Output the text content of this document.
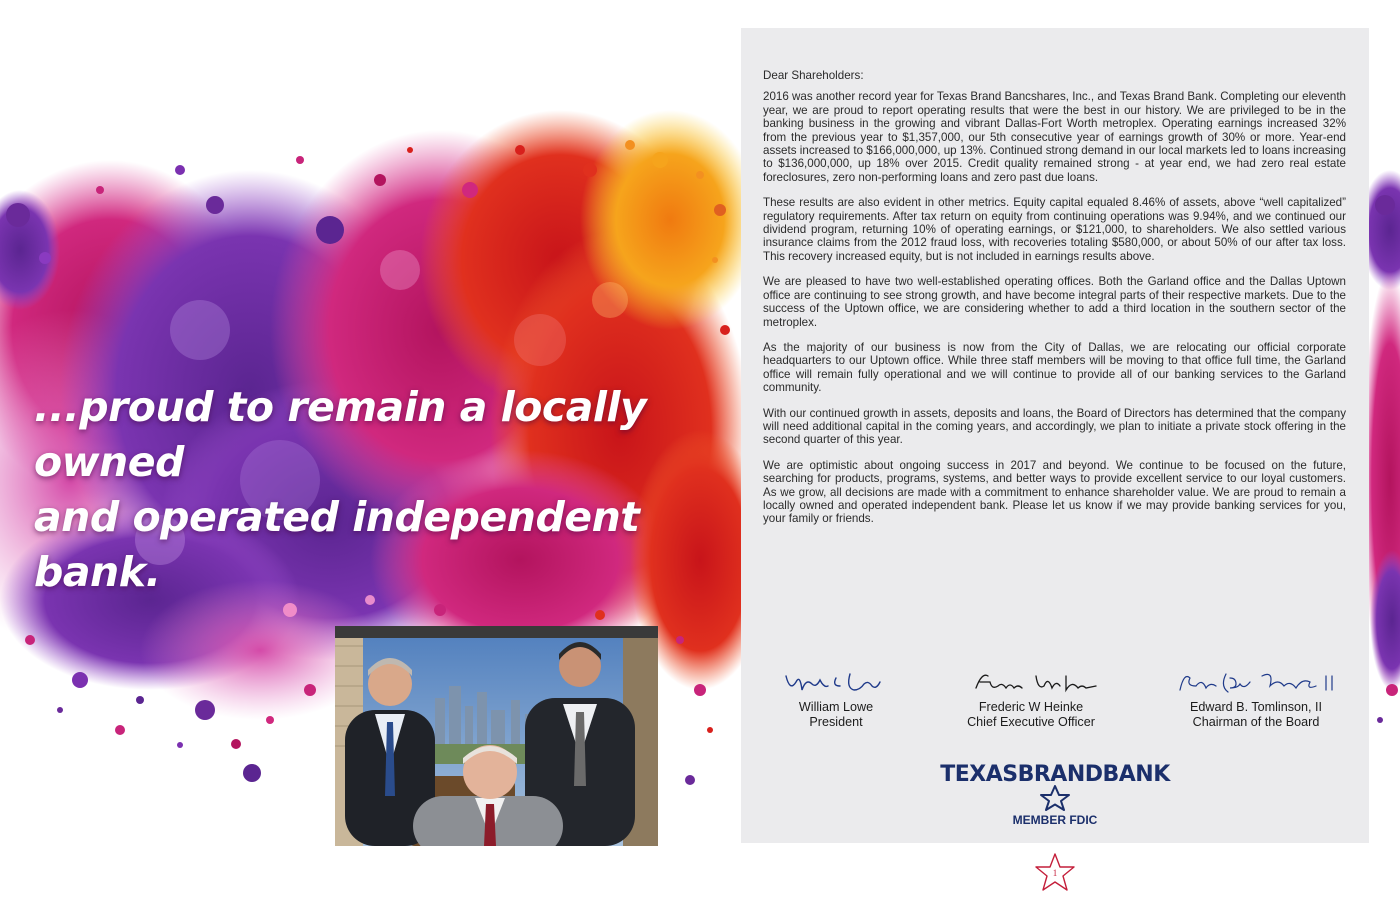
...proud to remain a locally owned
and operated independent bank.

Dear Shareholders:

2016 was another record year for Texas Brand Bancshares, Inc., and Texas Brand Bank. Completing our eleventh year, we are proud to report operating results that were the best in our history. We are privileged to be in the banking business in the growing and vibrant Dallas-Fort Worth metroplex. Operating earnings increased 32% from the previous year to $1,357,000, our 5th consecutive year of earnings growth of 30% or more. Year-end assets increased to $166,000,000, up 13%. Continued strong demand in our local markets led to loans increasing to $136,000,000, up 18% over 2015. Credit quality remained strong - at year end, we had zero real estate foreclosures, zero non-performing loans and zero past due loans.

These results are also evident in other metrics. Equity capital equaled 8.46% of assets, above “well capitalized” regulatory requirements. After tax return on equity from continuing operations was 9.94%, and we continued our dividend program, returning 10% of operating earnings, or $121,000, to shareholders. We also settled various insurance claims from the 2012 fraud loss, with recoveries totaling $580,000, or about 50% of our after tax loss. This recovery increased equity, but is not included in earnings results above.

We are pleased to have two well-established operating offices. Both the Garland office and the Dallas Uptown office are continuing to see strong growth, and have become integral parts of their respective markets. Due to the success of the Uptown office, we are considering whether to add a third location in the southern sector of the metroplex.

As the majority of our business is now from the City of Dallas, we are relocating our official corporate headquarters to our Uptown office. While three staff members will be moving to that office full time, the Garland office will remain fully operational and we will continue to provide all of our banking services to the Garland community.

With our continued growth in assets, deposits and loans, the Board of Directors has determined that the company will need additional capital in the coming years, and accordingly, we plan to initiate a private stock offering in the second quarter of this year.

We are optimistic about ongoing success in 2017 and beyond. We continue to be focused on the future, searching for products, programs, systems, and better ways to provide excellent service to our loyal customers. As we grow, all decisions are made with a commitment to enhance shareholder value. We are proud to remain a locally owned and operated independent bank. Please let us know if we may provide banking services for you, your family or friends.

William Lowe
President
Frederic W Heinke
Chief Executive Officer
Edward B. Tomlinson, II
Chairman of the Board
TEXASBRANDBANK
MEMBER FDIC
1
